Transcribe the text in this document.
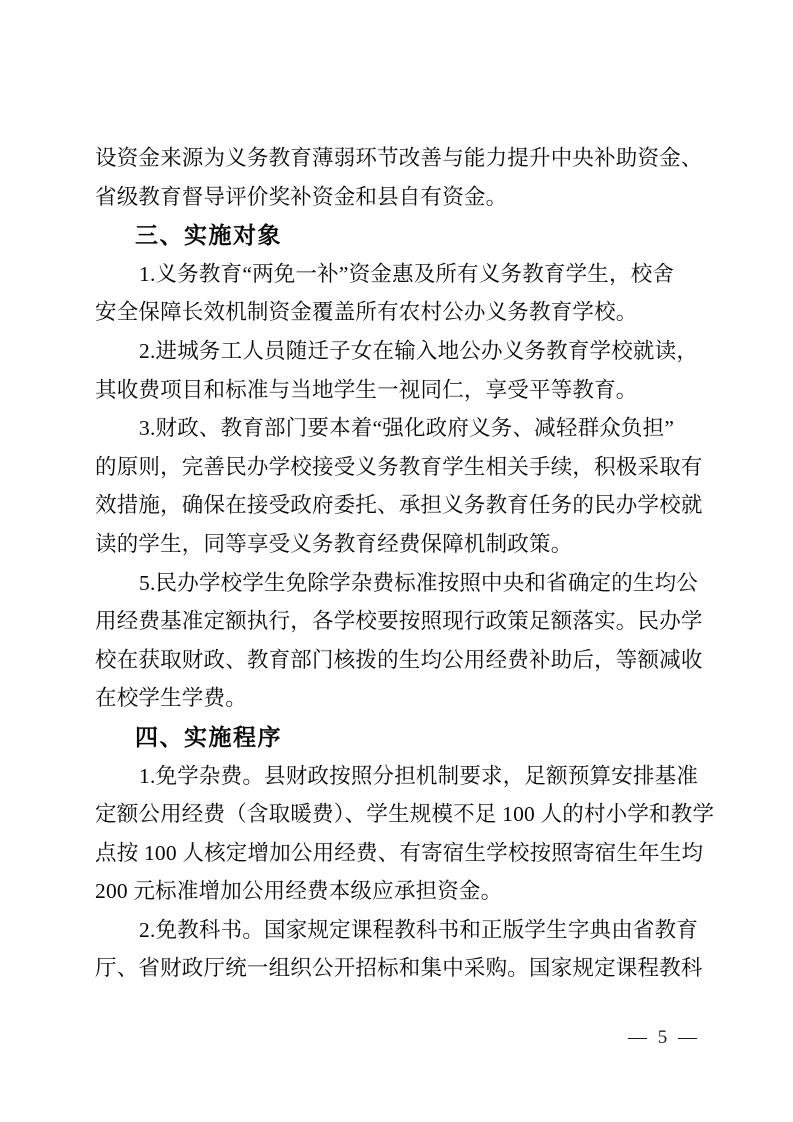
设资金来源为义务教育薄弱环节改善与能力提升中央补助资金、
省级教育督导评价奖补资金和县自有资金。
三、实施对象
1.义务教育“两免一补”资金惠及所有义务教育学生，校舍
安全保障长效机制资金覆盖所有农村公办义务教育学校。
2.进城务工人员随迁子女在输入地公办义务教育学校就读，
其收费项目和标准与当地学生一视同仁，享受平等教育。
3.财政、教育部门要本着“强化政府义务、减轻群众负担”
的原则，完善民办学校接受义务教育学生相关手续，积极采取有
效措施，确保在接受政府委托、承担义务教育任务的民办学校就
读的学生，同等享受义务教育经费保障机制政策。
5.民办学校学生免除学杂费标准按照中央和省确定的生均公
用经费基准定额执行，各学校要按照现行政策足额落实。民办学
校在获取财政、教育部门核拨的生均公用经费补助后，等额减收
在校学生学费。
四、实施程序
1.免学杂费。县财政按照分担机制要求，足额预算安排基准
定额公用经费（含取暖费）、学生规模不足 100 人的村小学和教学
点按 100 人核定增加公用经费、有寄宿生学校按照寄宿生年生均
200 元标准增加公用经费本级应承担资金。
2.免教科书。国家规定课程教科书和正版学生字典由省教育
厅、省财政厅统一组织公开招标和集中采购。国家规定课程教科
— 5 —
